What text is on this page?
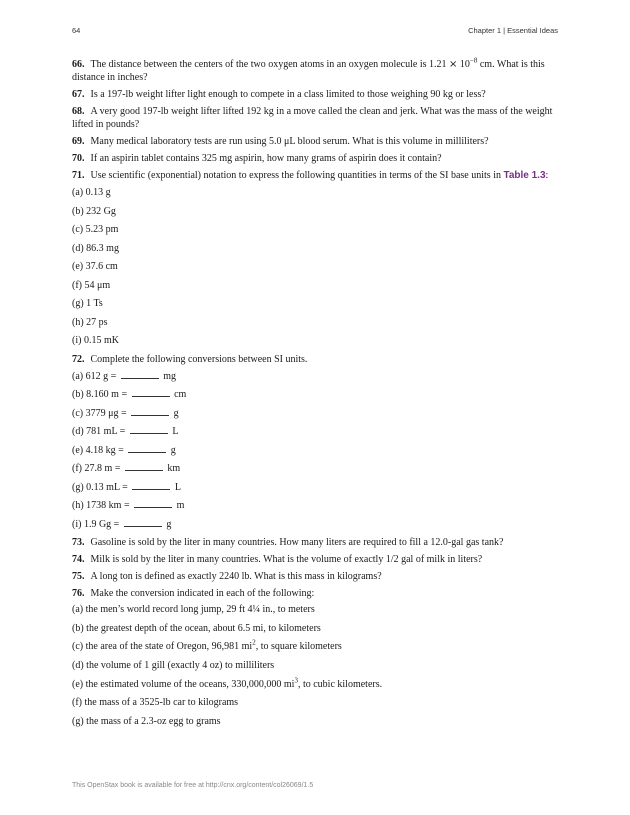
64	Chapter 1 | Essential Ideas

66. The distance between the centers of the two oxygen atoms in an oxygen molecule is $1.21 \times 10^{-8}$ cm. What is this distance in inches?

67. Is a 197-lb weight lifter light enough to compete in a class limited to those weighing 90 kg or less?

68. A very good 197-lb weight lifter lifted 192 kg in a move called the clean and jerk. What was the mass of the weight lifted in pounds?

69. Many medical laboratory tests are run using 5.0 μL blood serum. What is this volume in milliliters?

70. If an aspirin tablet contains 325 mg aspirin, how many grams of aspirin does it contain?

71. Use scientific (exponential) notation to express the following quantities in terms of the SI base units in Table 1.3:

(a) 0.13 g

(b) 232 Gg

(c) 5.23 pm

(d) 86.3 mg

(e) 37.6 cm

(f) 54 μm

(g) 1 Ts

(h) 27 ps

(i) 0.15 mK

72. Complete the following conversions between SI units.

(a) 612 g =	mg

(b) 8.160 m =	cm

(c) 3779 μg =	g

(d) 781 mL =	L

(e) 4.18 kg =	g

(f) 27.8 m =	km

(g) 0.13 mL =	L

(h) 1738 km =	m

(i) 1.9 Gg =	g

73. Gasoline is sold by the liter in many countries. How many liters are required to fill a 12.0-gal gas tank?

74. Milk is sold by the liter in many countries. What is the volume of exactly 1/2 gal of milk in liters?

75. A long ton is defined as exactly 2240 lb. What is this mass in kilograms?

76. Make the conversion indicated in each of the following:

(a) the men’s world record long jump, 29 ft 4¼ in., to meters

(b) the greatest depth of the ocean, about 6.5 mi, to kilometers

(c) the area of the state of Oregon, 96,981 $mi^2$, to square kilometers

(d) the volume of 1 gill (exactly 4 oz) to milliliters

(e) the estimated volume of the oceans, 330,000,000 $mi^3$, to cubic kilometers.

(f) the mass of a 3525-lb car to kilograms

(g) the mass of a 2.3-oz egg to grams

This OpenStax book is available for free at http://cnx.org/content/col26069/1.5
